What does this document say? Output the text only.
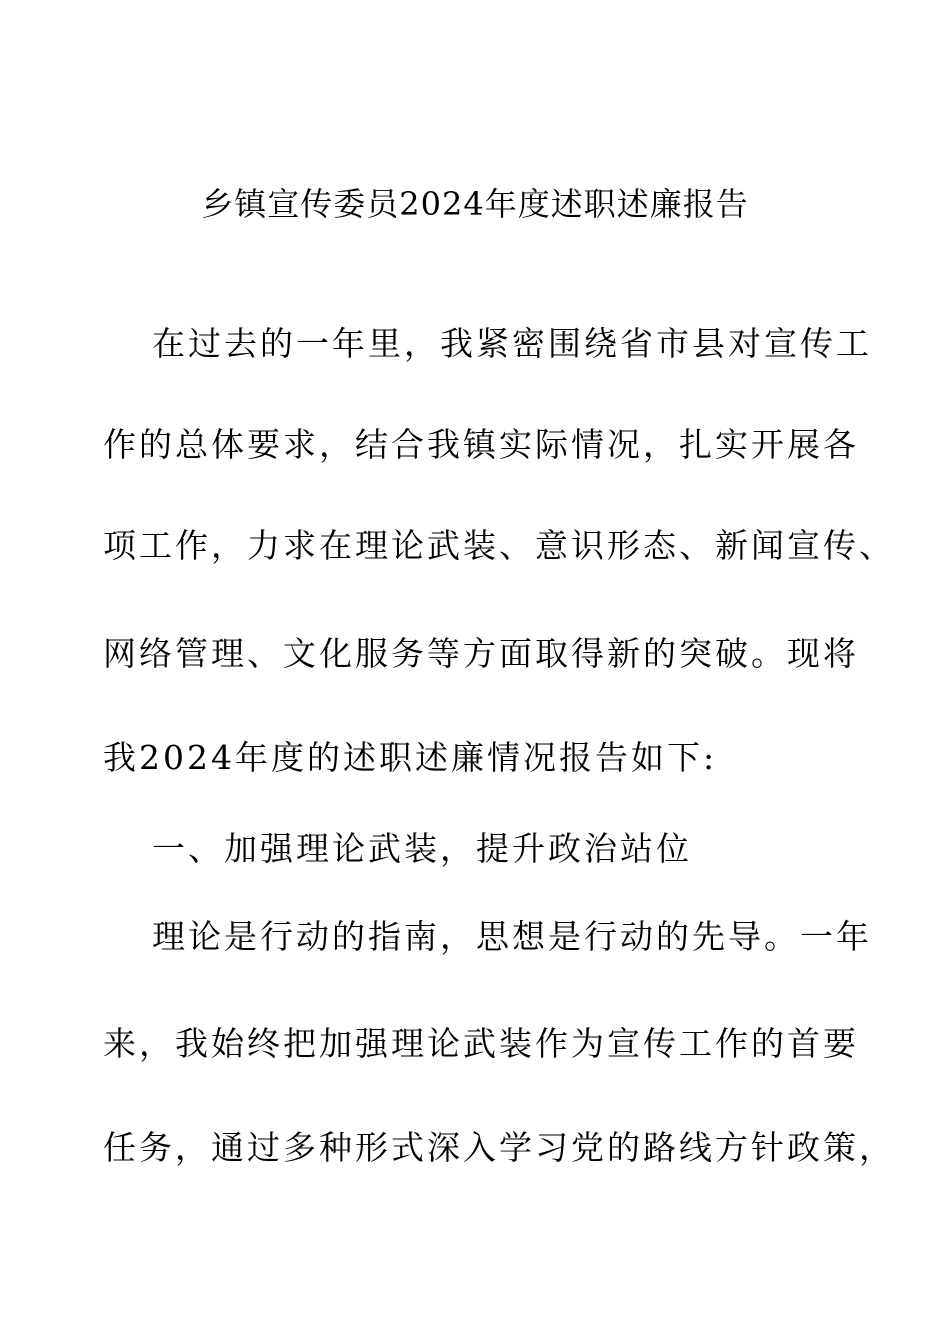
乡镇宣传委员2024年度述职述廉报告
在过去的一年里，我紧密围绕省市县对宣传工
作的总体要求，结合我镇实际情况，扎实开展各
项工作，力求在理论武装、意识形态、新闻宣传、
网络管理、文化服务等方面取得新的突破。现将
我2024年度的述职述廉情况报告如下:
一、加强理论武装，提升政治站位
理论是行动的指南，思想是行动的先导。一年
来，我始终把加强理论武装作为宣传工作的首要
任务，通过多种形式深入学习党的路线方针政策，
